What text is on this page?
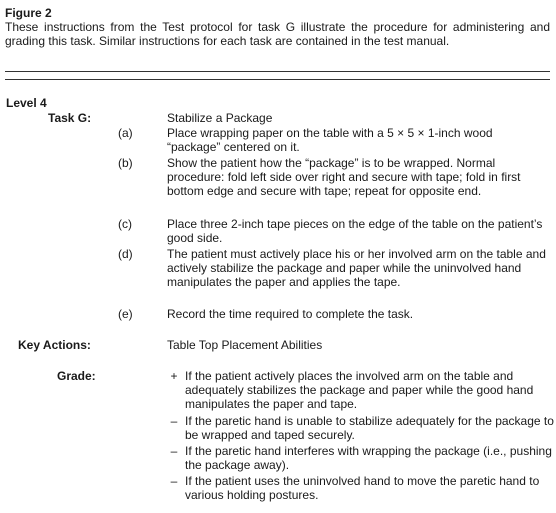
Figure 2
These instructions from the Test protocol for task G illustrate the procedure for administering and grading this task. Similar instructions for each task are contained in the test manual.
Level 4
Task G:	Stabilize a Package
(a)	Place wrapping paper on the table with a 5 × 5 × 1-inch wood “package” centered on it.
(b)	Show the patient how the “package” is to be wrapped. Normal procedure: fold left side over right and secure with tape; fold in first bottom edge and secure with tape; repeat for opposite end.
(c)	Place three 2-inch tape pieces on the edge of the table on the patient’s good side.
(d)	The patient must actively place his or her involved arm on the table and actively stabilize the package and paper while the uninvolved hand manipulates the paper and applies the tape.
(e)	Record the time required to complete the task.
Key Actions:	Table Top Placement Abilities
Grade:	+ If the patient actively places the involved arm on the table and adequately stabilizes the package and paper while the good hand manipulates the paper and tape.
– If the paretic hand is unable to stabilize adequately for the package to be wrapped and taped securely.
– If the paretic hand interferes with wrapping the package (i.e., pushing the package away).
– If the patient uses the uninvolved hand to move the paretic hand to various holding postures.
